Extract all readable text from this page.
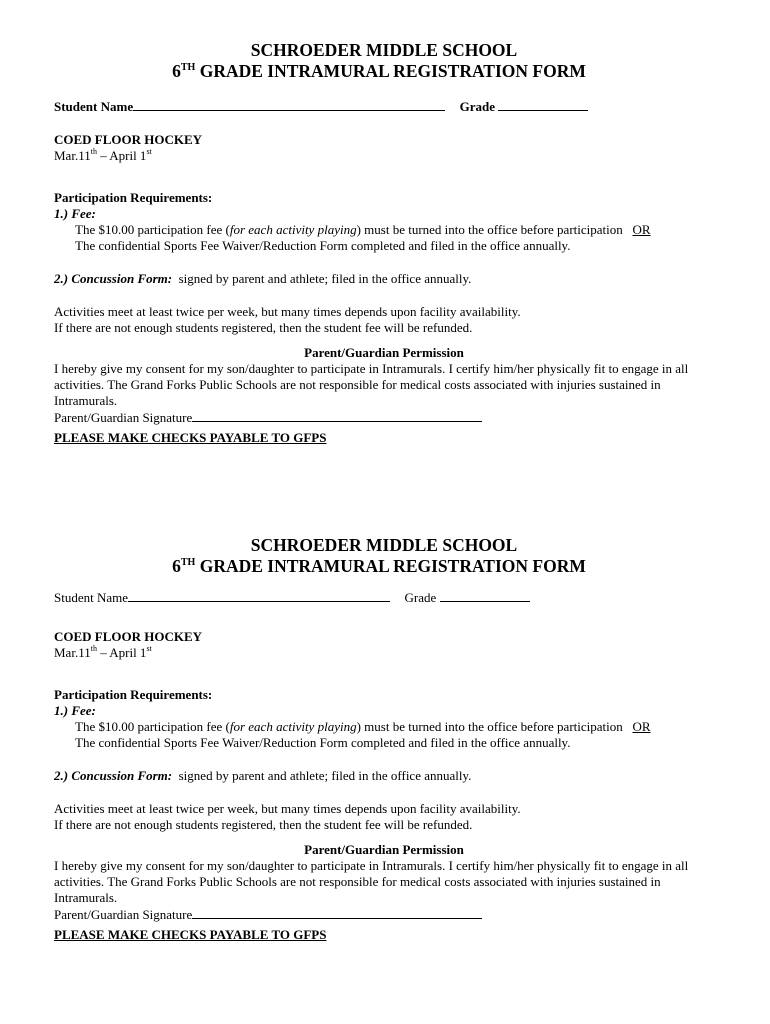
SCHROEDER MIDDLE SCHOOL
6TH GRADE INTRAMURAL REGISTRATION FORM
Student Name	Grade
COED FLOOR HOCKEY
Mar.11th – April 1st
Participation Requirements:
1.) Fee:
The $10.00 participation fee (for each activity playing) must be turned into the office before participation OR
The confidential Sports Fee Waiver/Reduction Form completed and filed in the office annually.
2.) Concussion Form:  signed by parent and athlete; filed in the office annually.
Activities meet at least twice per week, but many times depends upon facility availability.
If there are not enough students registered, then the student fee will be refunded.
Parent/Guardian Permission
I hereby give my consent for my son/daughter to participate in Intramurals. I certify him/her physically fit to engage in all activities. The Grand Forks Public Schools are not responsible for medical costs associated with injuries sustained in Intramurals.
Parent/Guardian Signature
PLEASE MAKE CHECKS PAYABLE TO GFPS
SCHROEDER MIDDLE SCHOOL
6TH GRADE INTRAMURAL REGISTRATION FORM
Student Name	Grade
COED FLOOR HOCKEY
Mar.11th – April 1st
Participation Requirements:
1.) Fee:
The $10.00 participation fee (for each activity playing) must be turned into the office before participation OR
The confidential Sports Fee Waiver/Reduction Form completed and filed in the office annually.
2.) Concussion Form:  signed by parent and athlete; filed in the office annually.
Activities meet at least twice per week, but many times depends upon facility availability.
If there are not enough students registered, then the student fee will be refunded.
Parent/Guardian Permission
I hereby give my consent for my son/daughter to participate in Intramurals. I certify him/her physically fit to engage in all activities. The Grand Forks Public Schools are not responsible for medical costs associated with injuries sustained in Intramurals.
Parent/Guardian Signature
PLEASE MAKE CHECKS PAYABLE TO GFPS
